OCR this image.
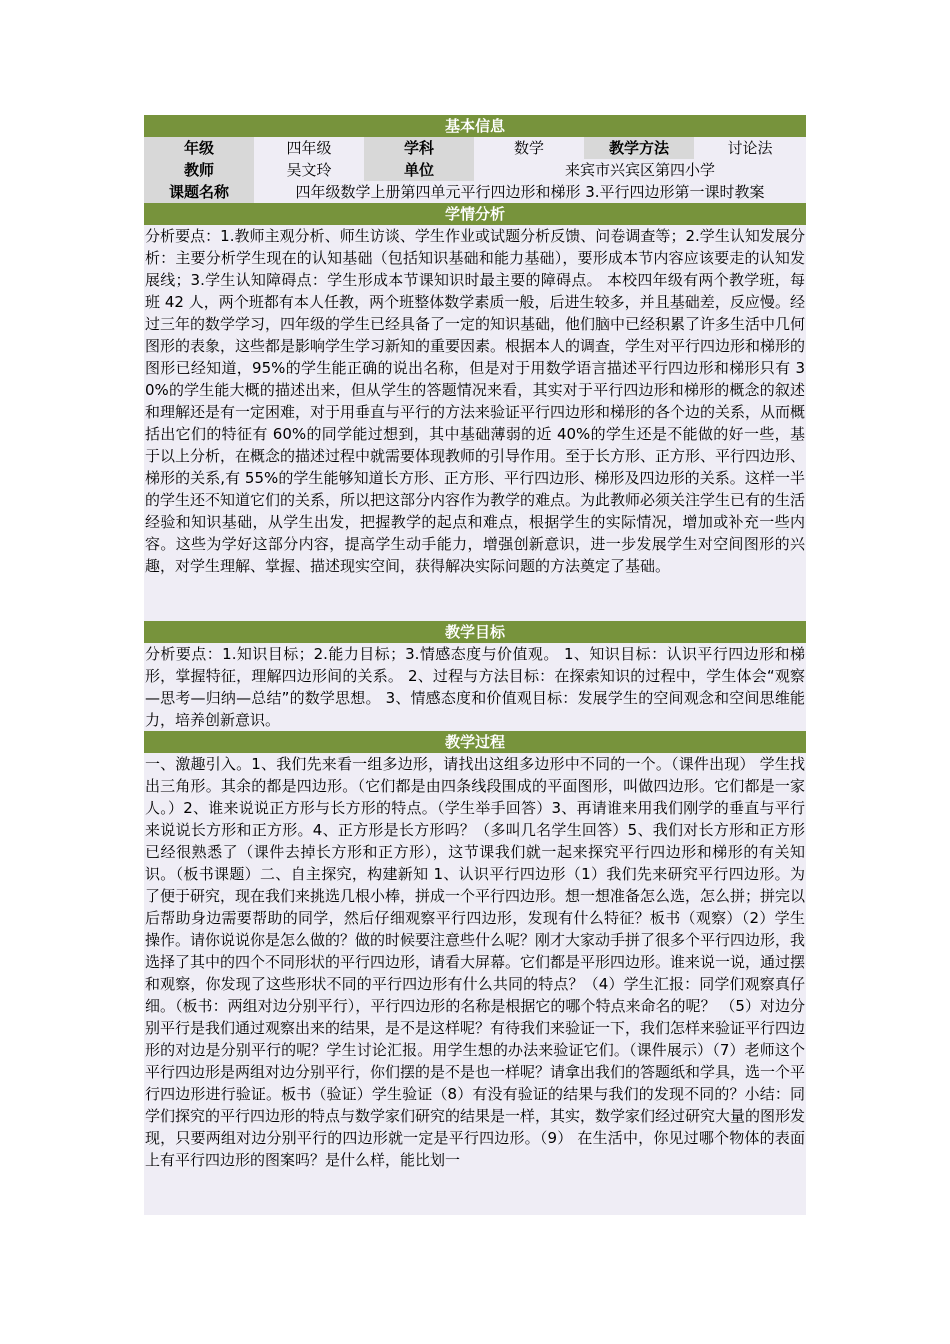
基本信息
年级	四年级	学科	数学	教学方法	讨论法
教师	吴文玲	单位	来宾市兴宾区第四小学
课题名称	四年级数学上册第四单元平行四边形和梯形 3.平行四边形第一课时教案
学情分析
分析要点：1.教师主观分析、师生访谈、学生作业或试题分析反馈、问卷调查等；2.学生认知发展分析：主要分析学生现在的认知基础（包括知识基础和能力基础），要形成本节内容应该要走的认知发展线；3.学生认知障碍点：学生形成本节课知识时最主要的障碍点。 本校四年级有两个教学班，每班 42 人，两个班都有本人任教，两个班整体数学素质一般，后进生较多，并且基础差，反应慢。经过三年的数学学习，四年级的学生已经具备了一定的知识基础，他们脑中已经积累了许多生活中几何图形的表象，这些都是影响学生学习新知的重要因素。根据本人的调查，学生对平行四边形和梯形的图形已经知道，95%的学生能正确的说出名称，但是对于用数学语言描述平行四边形和梯形只有 30%的学生能大概的描述出来，但从学生的答题情况来看，其实对于平行四边形和梯形的概念的叙述和理解还是有一定困难，对于用垂直与平行的方法来验证平行四边形和梯形的各个边的关系，从而概括出它们的特征有 60%的同学能过想到，其中基础薄弱的近 40%的学生还是不能做的好一些，基于以上分析，在概念的描述过程中就需要体现教师的引导作用。至于长方形、正方形、平行四边形、梯形的关系,有 55%的学生能够知道长方形、正方形、平行四边形、梯形及四边形的关系。这样一半的学生还不知道它们的关系，所以把这部分内容作为教学的难点。为此教师必须关注学生已有的生活经验和知识基础，从学生出发，把握教学的起点和难点，根据学生的实际情况，增加或补充一些内容。这些为学好这部分内容，提高学生动手能力，增强创新意识，进一步发展学生对空间图形的兴趣，对学生理解、掌握、描述现实空间，获得解决实际问题的方法奠定了基础。
教学目标
分析要点：1.知识目标；2.能力目标；3.情感态度与价值观。 1、知识目标：认识平行四边形和梯形，掌握特征，理解四边形间的关系。 2、过程与方法目标：在探索知识的过程中，学生体会“观察—思考—归纳—总结”的数学思想。 3、情感态度和价值观目标：发展学生的空间观念和空间思维能力，培养创新意识。
教学过程
一、激趣引入。1、我们先来看一组多边形，请找出这组多边形中不同的一个。（课件出现） 学生找出三角形。其余的都是四边形。（它们都是由四条线段围成的平面图形，叫做四边形。它们都是一家人。）2、谁来说说正方形与长方形的特点。（学生举手回答）3、再请谁来用我们刚学的垂直与平行来说说长方形和正方形。4、正方形是长方形吗？（多叫几名学生回答）5、我们对长方形和正方形已经很熟悉了（课件去掉长方形和正方形），这节课我们就一起来探究平行四边形和梯形的有关知识。（板书课题）二、自主探究，构建新知 1、认识平行四边形（1）我们先来研究平行四边形。为了便于研究，现在我们来挑选几根小棒，拼成一个平行四边形。想一想准备怎么选，怎么拼；拼完以后帮助身边需要帮助的同学，然后仔细观察平行四边形，发现有什么特征？板书（观察）（2）学生操作。请你说说你是怎么做的？做的时候要注意些什么呢？刚才大家动手拼了很多个平行四边形，我选择了其中的四个不同形状的平行四边形，请看大屏幕。它们都是平形四边形。谁来说一说，通过摆和观察，你发现了这些形状不同的平行四边形有什么共同的特点？（4）学生汇报：同学们观察真仔细。（板书：两组对边分别平行），平行四边形的名称是根据它的哪个特点来命名的呢？ （5）对边分别平行是我们通过观察出来的结果，是不是这样呢？有待我们来验证一下，我们怎样来验证平行四边形的对边是分别平行的呢？学生讨论汇报。用学生想的办法来验证它们。（课件展示）（7）老师这个平行四边形是两组对边分别平行，你们摆的是不是也一样呢？请拿出我们的答题纸和学具，选一个平行四边形进行验证。板书（验证）学生验证（8）有没有验证的结果与我们的发现不同的？小结：同学们探究的平行四边形的特点与数学家们研究的结果是一样，其实，数学家们经过研究大量的图形发现，只要两组对边分别平行的四边形就一定是平行四边形。（9） 在生活中，你见过哪个物体的表面上有平行四边形的图案吗？是什么样，能比划一
